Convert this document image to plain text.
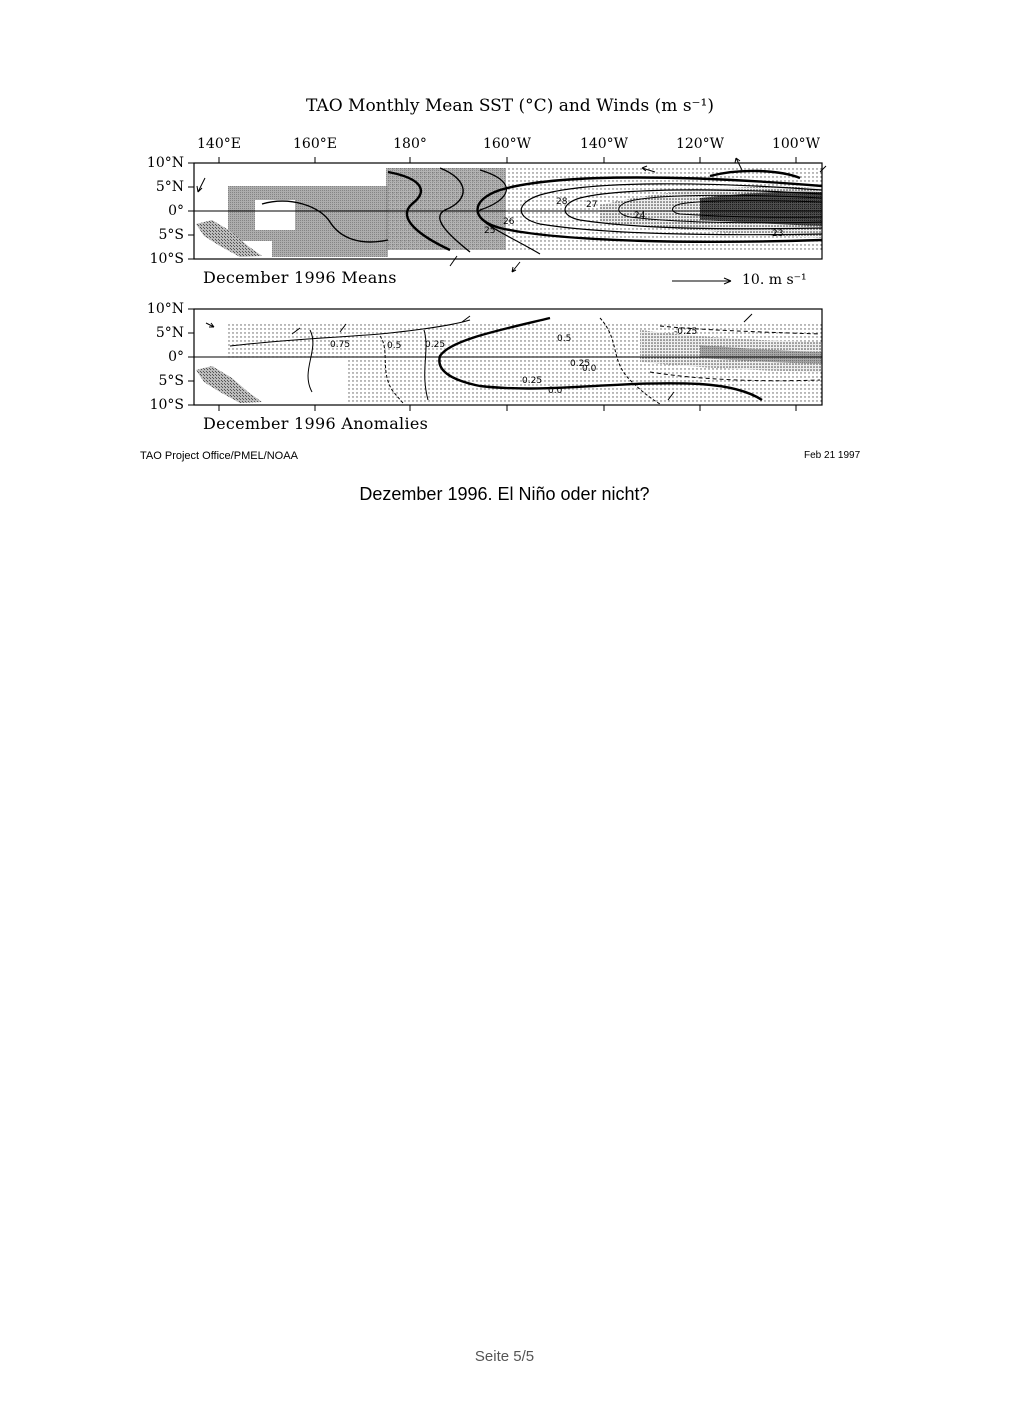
TAO Monthly Mean SST (°C) and Winds (m s⁻¹)
140°E	160°E	180°	160°W	140°W	120°W	100°W
10°N
5°N
0°
5°S
10°S
10°N
5°N
0°
5°S
10°S
28 27
26
25
24
23
0.75	0.5	0.25
0.0
0.25
0.5
0.25
0.0
-0.25
December 1996 Means
December 1996 Anomalies
10. m s⁻¹
TAO Project Office/PMEL/NOAA	Feb 21 1997
Dezember 1996. El Niño oder nicht?
Seite 5/5
